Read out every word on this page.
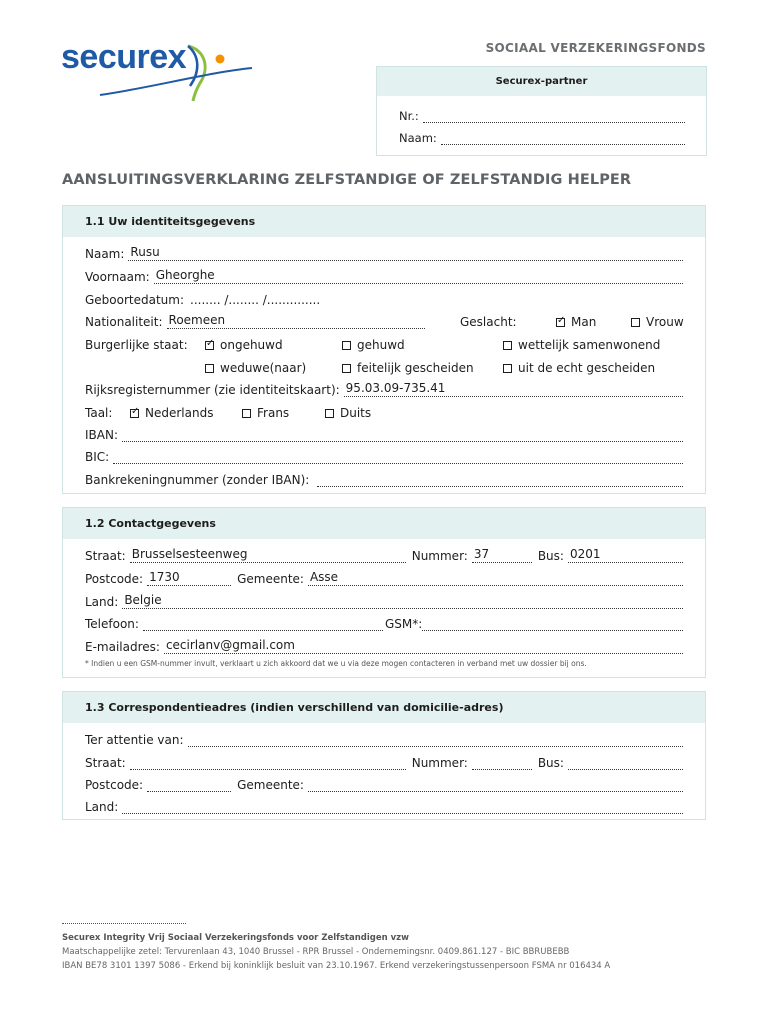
securex	SOCIAAL VERZEKERINGSFONDS
Securex-partner
Nr.:
Naam:
AANSLUITINGSVERKLARING ZELFSTANDIGE OF ZELFSTANDIG HELPER
1.1 Uw identiteitsgegevens
Naam: Rusu
Voornaam: Gheorghe
Geboortedatum: ........ /........ /..............
Nationaliteit: Roemeen	Geslacht: ✓	Man	Vrouw
Burgerlijke staat: ✓	ongehuwd	gehuwd	wettelijk samenwonend
weduwe(naar)	feitelijk gescheiden	uit de echt gescheiden
Rijksregisternummer (zie identiteitskaart): 95.03.09-735.41
Taal: ✓	Nederlands	Frans	Duits
IBAN:
BIC:
Bankrekeningnummer (zonder IBAN):
1.2 Contactgegevens
Straat: Brusselsesteenweg	Nummer: 37	Bus: 0201
Postcode: 1730	Gemeente: Asse
Land: Belgie
Telefoon:	GSM*:
E-mailadres: cecirlanv@gmail.com
* Indien u een GSM-nummer invult, verklaart u zich akkoord dat we u via deze mogen contacteren in verband met uw dossier bij ons.
1.3 Correspondentieadres (indien verschillend van domicilie-adres)
Ter attentie van:
Straat:	Nummer:	Bus:
Postcode:	Gemeente:
Land:
Securex Integrity Vrij Sociaal Verzekeringsfonds voor Zelfstandigen vzw
Maatschappelijke zetel: Tervurenlaan 43, 1040 Brussel - RPR Brussel - Ondernemingsnr. 0409.861.127 - BIC BBRUBEBB
IBAN BE78 3101 1397 5086 - Erkend bij koninklijk besluit van 23.10.1967. Erkend verzekeringstussenpersoon FSMA nr 016434 A
